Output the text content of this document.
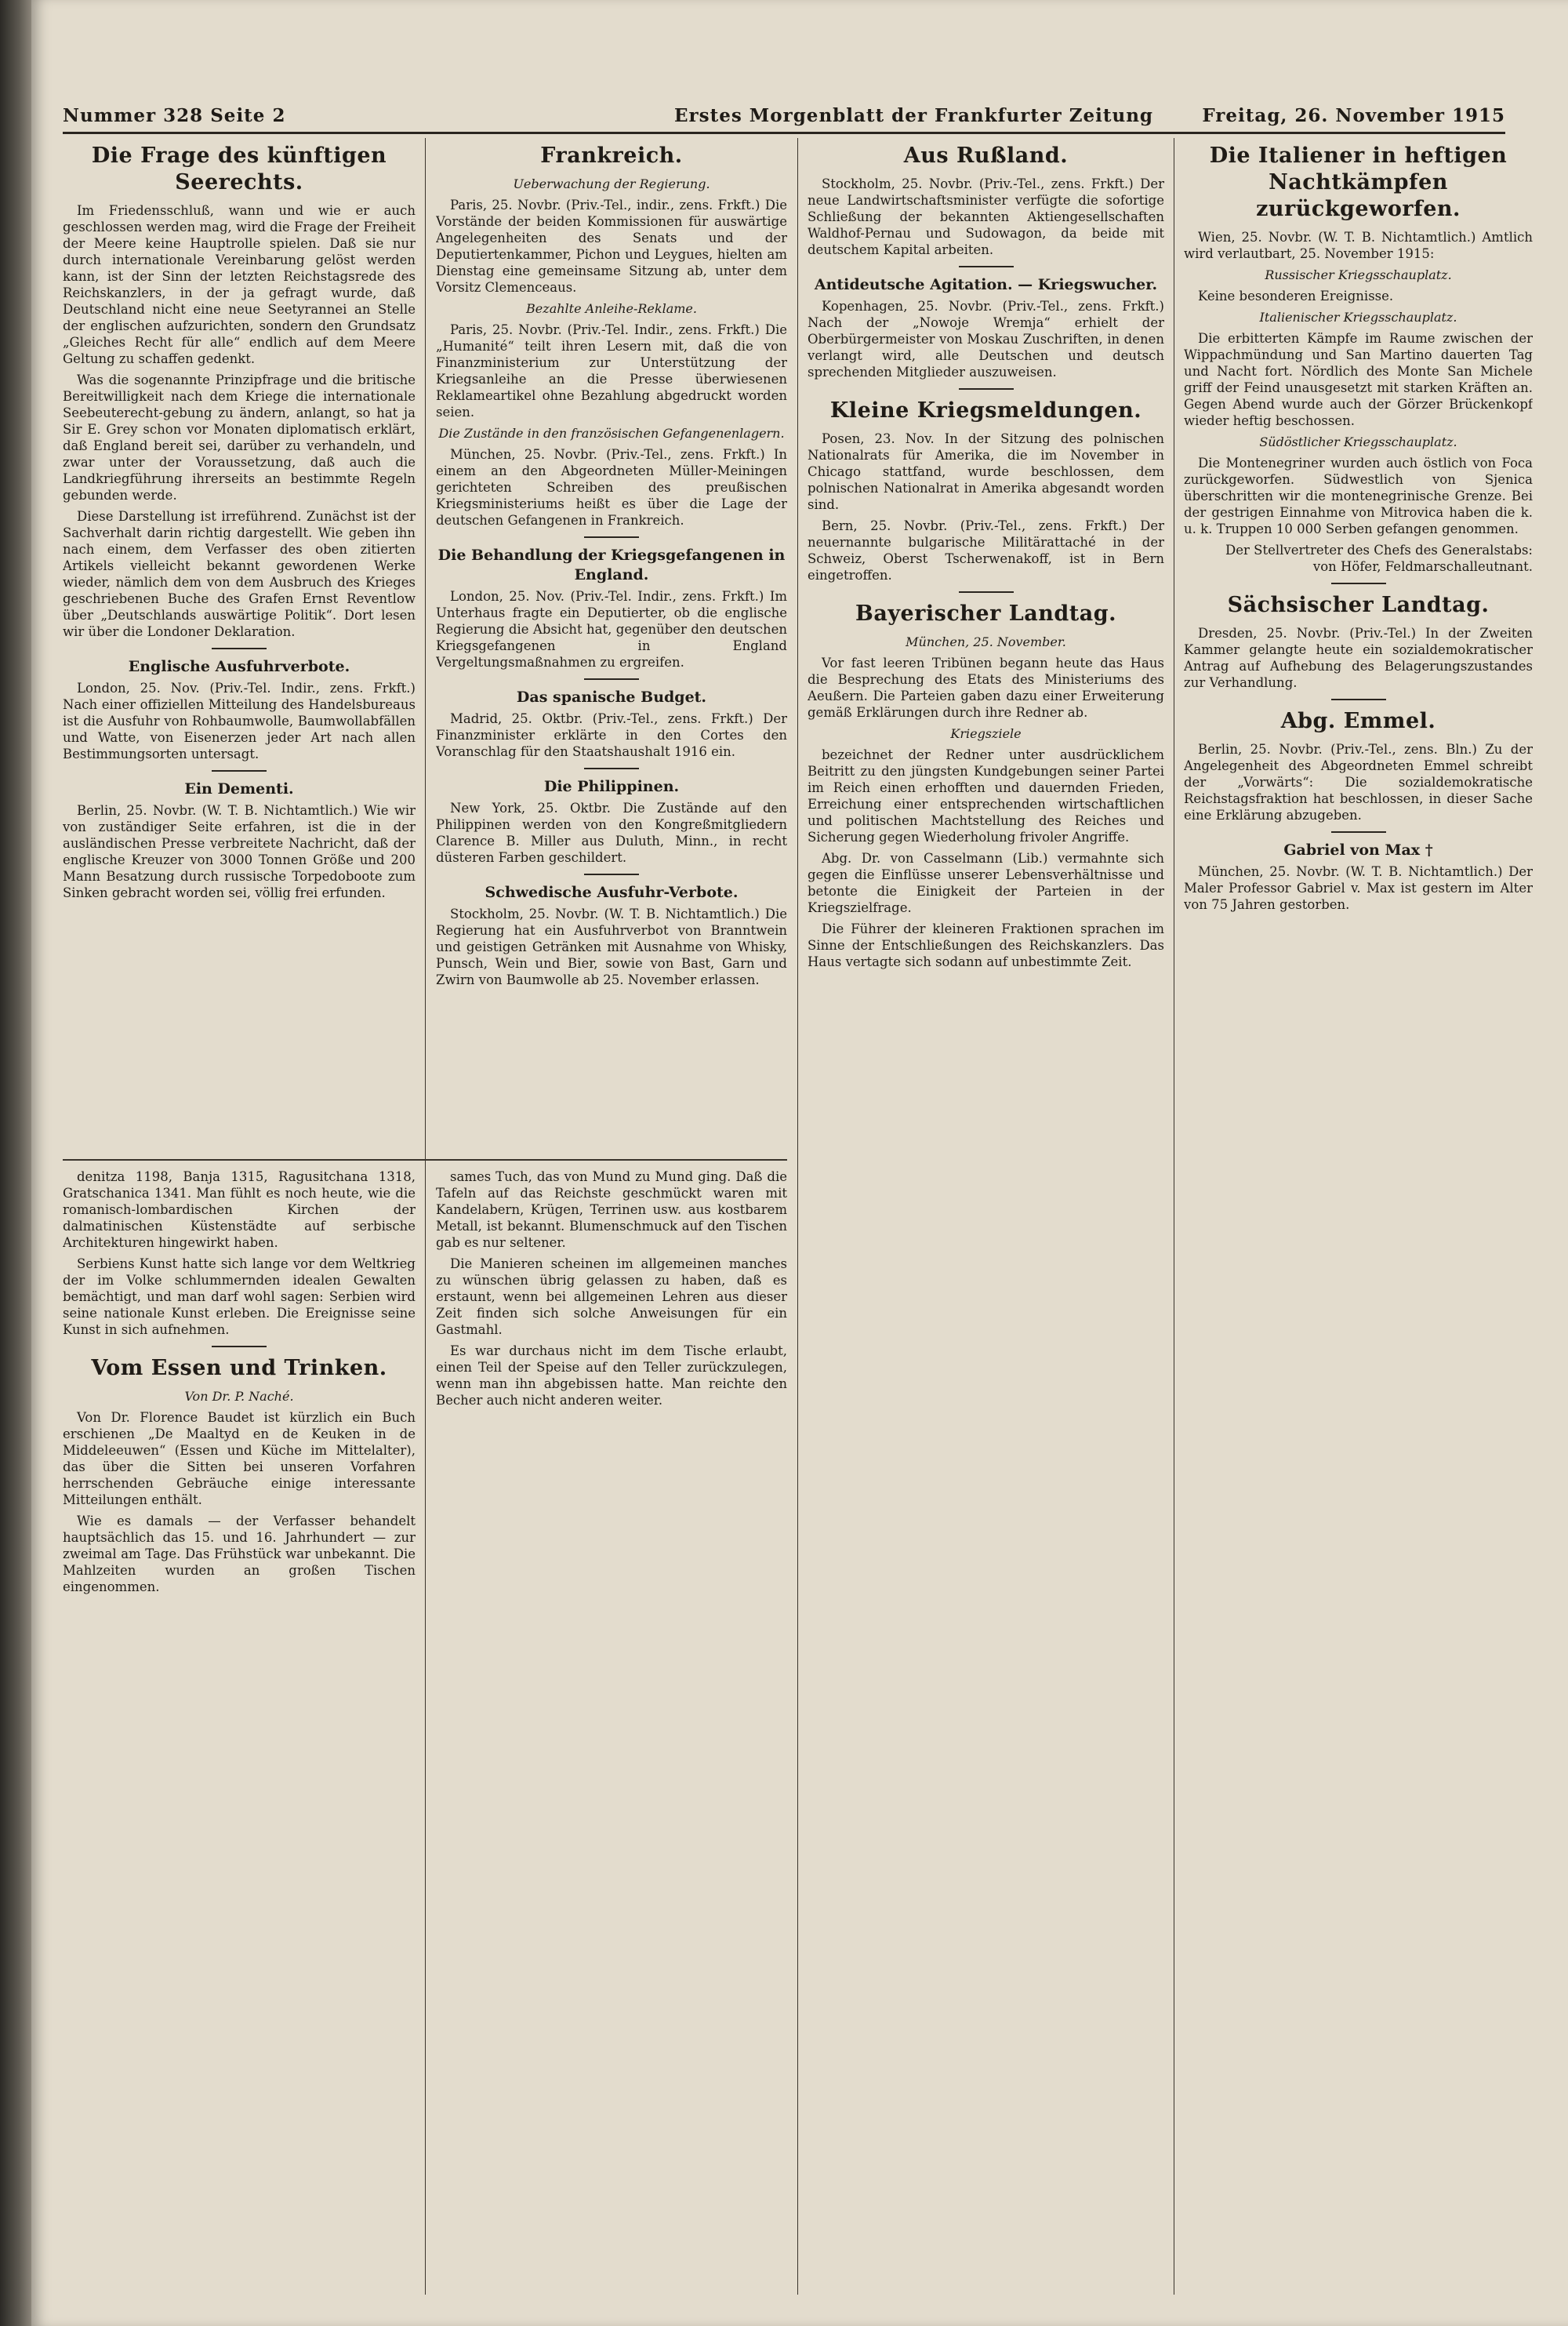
Nummer 328 Seite 2	Erstes Morgenblatt der Frankfurter Zeitung	Freitag, 26. November 1915
Die Frage des künftigen Seerechts.

Im Friedensschluß, wann und wie er auch geschlossen werden mag, wird die Frage der Freiheit der Meere keine Hauptrolle spielen. Daß sie nur durch internationale Vereinbarung gelöst werden kann, ist der Sinn der letzten Reichstagsrede des Reichskanzlers, in der ja gefragt wurde, daß Deutschland nicht eine neue Seetyrannei an Stelle der englischen aufzurichten, sondern den Grundsatz „Gleiches Recht für alle“ endlich auf dem Meere Geltung zu schaffen gedenkt.

Was die sogenannte Prinzipfrage und die britische Bereitwilligkeit nach dem Kriege die internationale Seebeuterecht-gebung zu ändern, anlangt, so hat ja Sir E. Grey schon vor Monaten diplomatisch erklärt, daß England bereit sei, darüber zu verhandeln, und zwar unter der Voraussetzung, daß auch die Landkriegführung ihrerseits an bestimmte Regeln gebunden werde.

Diese Darstellung ist irreführend. Zunächst ist der Sachverhalt darin richtig dargestellt. Wie geben ihn nach einem, dem Verfasser des oben zitierten Artikels vielleicht bekannt gewordenen Werke wieder, nämlich dem von dem Ausbruch des Krieges geschriebenen Buche des Grafen Ernst Reventlow über „Deutschlands auswärtige Politik“. Dort lesen wir über die Londoner Deklaration.

Englische Ausfuhrverbote.

London, 25. Nov. (Priv.-Tel. Indir., zens. Frkft.) Nach einer offiziellen Mitteilung des Handelsbureaus ist die Ausfuhr von Rohbaumwolle, Baumwollabfällen und Watte, von Eisenerzen jeder Art nach allen Bestimmungsorten untersagt.

Ein Dementi.

Berlin, 25. Novbr. (W. T. B. Nichtamtlich.) Wie wir von zuständiger Seite erfahren, ist die in der ausländischen Presse verbreitete Nachricht, daß der englische Kreuzer von 3000 Tonnen Größe und 200 Mann Besatzung durch russische Torpedoboote zum Sinken gebracht worden sei, völlig frei erfunden.

Frankreich.
Ueberwachung der Regierung.

Paris, 25. Novbr. (Priv.-Tel., indir., zens. Frkft.) Die Vorstände der beiden Kommissionen für auswärtige Angelegenheiten des Senats und der Deputiertenkammer, Pichon und Leygues, hielten am Dienstag eine gemeinsame Sitzung ab, unter dem Vorsitz Clemenceaus.

Bezahlte Anleihe-Reklame.

Paris, 25. Novbr. (Priv.-Tel. Indir., zens. Frkft.) Die „Humanité“ teilt ihren Lesern mit, daß die von Finanzministerium zur Unterstützung der Kriegsanleihe an die Presse überwiesenen Reklameartikel ohne Bezahlung abgedruckt worden seien.

Die Zustände in den französischen Gefangenenlagern.

München, 25. Novbr. (Priv.-Tel., zens. Frkft.) In einem an den Abgeordneten Müller-Meiningen gerichteten Schreiben des preußischen Kriegsministeriums heißt es über die Lage der deutschen Gefangenen in Frankreich.

Die Behandlung der Kriegsgefangenen in England.

London, 25. Nov. (Priv.-Tel. Indir., zens. Frkft.) Im Unterhaus fragte ein Deputierter, ob die englische Regierung die Absicht hat, gegenüber den deutschen Kriegsgefangenen in England Vergeltungsmaßnahmen zu ergreifen.

Das spanische Budget.

Madrid, 25. Oktbr. (Priv.-Tel., zens. Frkft.) Der Finanzminister erklärte in den Cortes den Voranschlag für den Staatshaushalt 1916 ein.

Die Philippinen.

New York, 25. Oktbr. Die Zustände auf den Philippinen werden von den Kongreßmitgliedern Clarence B. Miller aus Duluth, Minn., in recht düsteren Farben geschildert.

Schwedische Ausfuhr-Verbote.

Stockholm, 25. Novbr. (W. T. B. Nichtamtlich.) Die Regierung hat ein Ausfuhrverbot von Branntwein und geistigen Getränken mit Ausnahme von Whisky, Punsch, Wein und Bier, sowie von Bast, Garn und Zwirn von Baumwolle ab 25. November erlassen.

Aus Rußland.

Stockholm, 25. Novbr. (Priv.-Tel., zens. Frkft.) Der neue Landwirtschaftsminister verfügte die sofortige Schließung der bekannten Aktiengesellschaften Waldhof-Pernau und Sudowagon, da beide mit deutschem Kapital arbeiten.

Antideutsche Agitation. — Kriegswucher.

Kopenhagen, 25. Novbr. (Priv.-Tel., zens. Frkft.) Nach der „Nowoje Wremja“ erhielt der Oberbürgermeister von Moskau Zuschriften, in denen verlangt wird, alle Deutschen und deutsch sprechenden Mitglieder auszuweisen.

Kleine Kriegsmeldungen.

Posen, 23. Nov. In der Sitzung des polnischen Nationalrats für Amerika, die im November in Chicago stattfand, wurde beschlossen, dem polnischen Nationalrat in Amerika abgesandt worden sind.

Bern, 25. Novbr. (Priv.-Tel., zens. Frkft.) Der neuernannte bulgarische Militärattaché in der Schweiz, Oberst Tscherwenakoff, ist in Bern eingetroffen.

Bayerischer Landtag.
München, 25. November.

Vor fast leeren Tribünen begann heute das Haus die Besprechung des Etats des Ministeriums des Aeußern. Die Parteien gaben dazu einer Erweiterung gemäß Erklärungen durch ihre Redner ab.

Kriegsziele

bezeichnet der Redner unter ausdrücklichem Beitritt zu den jüngsten Kundgebungen seiner Partei im Reich einen erhofften und dauernden Frieden, Erreichung einer entsprechenden wirtschaftlichen und politischen Machtstellung des Reiches und Sicherung gegen Wiederholung frivoler Angriffe.

Abg. Dr. von Casselmann (Lib.) vermahnte sich gegen die Einflüsse unserer Lebensverhältnisse und betonte die Einigkeit der Parteien in der Kriegszielfrage.

Die Führer der kleineren Fraktionen sprachen im Sinne der Entschließungen des Reichskanzlers. Das Haus vertagte sich sodann auf unbestimmte Zeit.

Die Italiener in heftigen Nachtkämpfen zurückgeworfen.

Wien, 25. Novbr. (W. T. B. Nichtamtlich.) Amtlich wird verlautbart, 25. November 1915:

Russischer Kriegsschauplatz.

Keine besonderen Ereignisse.

Italienischer Kriegsschauplatz.

Die erbitterten Kämpfe im Raume zwischen der Wippachmündung und San Martino dauerten Tag und Nacht fort. Nördlich des Monte San Michele griff der Feind unausgesetzt mit starken Kräften an. Gegen Abend wurde auch der Görzer Brückenkopf wieder heftig beschossen.

Südöstlicher Kriegsschauplatz.

Die Montenegriner wurden auch östlich von Foca zurückgeworfen. Südwestlich von Sjenica überschritten wir die montenegrinische Grenze. Bei der gestrigen Einnahme von Mitrovica haben die k. u. k. Truppen 10 000 Serben gefangen genommen.

Der Stellvertreter des Chefs des Generalstabs: von Höfer, Feldmarschalleutnant.

Sächsischer Landtag.

Dresden, 25. Novbr. (Priv.-Tel.) In der Zweiten Kammer gelangte heute ein sozialdemokratischer Antrag auf Aufhebung des Belagerungszustandes zur Verhandlung.

Abg. Emmel.

Berlin, 25. Novbr. (Priv.-Tel., zens. Bln.) Zu der Angelegenheit des Abgeordneten Emmel schreibt der „Vorwärts“: Die sozialdemokratische Reichstagsfraktion hat beschlossen, in dieser Sache eine Erklärung abzugeben.

Gabriel von Max †

München, 25. Novbr. (W. T. B. Nichtamtlich.) Der Maler Professor Gabriel v. Max ist gestern im Alter von 75 Jahren gestorben.

denitza 1198, Banja 1315, Ragusitchana 1318, Gratschanica 1341. Man fühlt es noch heute, wie die romanisch-lombardischen Kirchen der dalmatinischen Küstenstädte auf serbische Architekturen hingewirkt haben.

Serbiens Kunst hatte sich lange vor dem Weltkrieg der im Volke schlummernden idealen Gewalten bemächtigt, und man darf wohl sagen: Serbien wird seine nationale Kunst erleben. Die Ereignisse seine Kunst in sich aufnehmen.

Vom Essen und Trinken.
Von Dr. P. Naché.

Von Dr. Florence Baudet ist kürzlich ein Buch erschienen „De Maaltyd en de Keuken in de Middeleeuwen“ (Essen und Küche im Mittelalter), das über die Sitten bei unseren Vorfahren herrschenden Gebräuche einige interessante Mitteilungen enthält.

Wie es damals — der Verfasser behandelt hauptsächlich das 15. und 16. Jahrhundert — zur zweimal am Tage. Das Frühstück war unbekannt. Die Mahlzeiten wurden an großen Tischen eingenommen.

sames Tuch, das von Mund zu Mund ging. Daß die Tafeln auf das Reichste geschmückt waren mit Kandelabern, Krügen, Terrinen usw. aus kostbarem Metall, ist bekannt. Blumenschmuck auf den Tischen gab es nur seltener.

Die Manieren scheinen im allgemeinen manches zu wünschen übrig gelassen zu haben, daß es erstaunt, wenn bei allgemeinen Lehren aus dieser Zeit finden sich solche Anweisungen für ein Gastmahl.

Es war durchaus nicht im dem Tische erlaubt, einen Teil der Speise auf den Teller zurückzulegen, wenn man ihn abgebissen hatte. Man reichte den Becher auch nicht anderen weiter.
